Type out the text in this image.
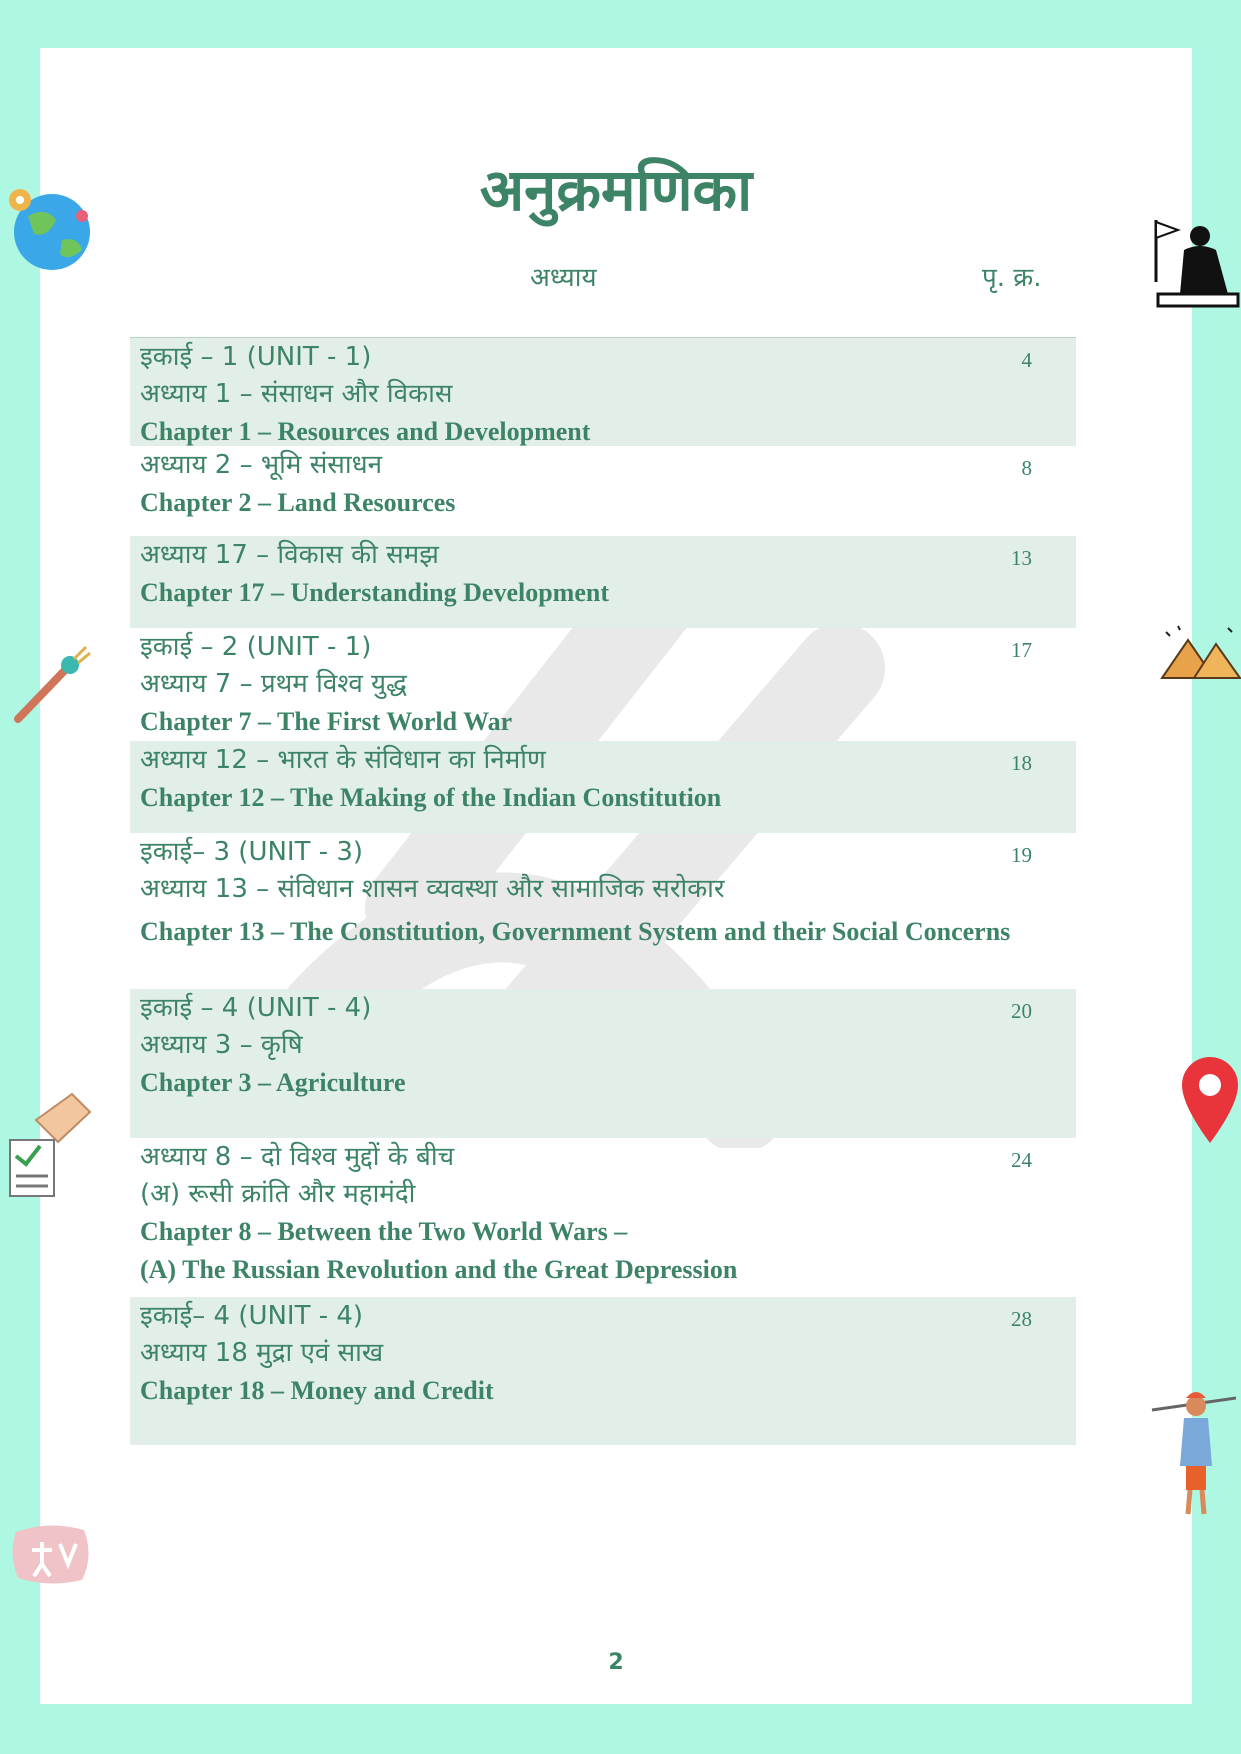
अनुक्रमणिका
अध्याय	पृ. क्र.
इकाई – 1 (UNIT - 1)
अध्याय 1 – संसाधन और विकास
Chapter 1 – Resources and Development
4
अध्याय 2 – भूमि संसाधन
Chapter 2 – Land Resources
8
अध्याय 17 – विकास की समझ
Chapter 17 – Understanding Development
13
इकाई – 2 (UNIT - 1)
अध्याय 7 – प्रथम विश्व युद्ध
Chapter 7 – The First World War
17
अध्याय 12 – भारत के संविधान का निर्माण
Chapter 12 – The Making of the Indian Constitution
18
इकाई– 3 (UNIT - 3)
अध्याय 13 – संविधान शासन व्यवस्था और सामाजिक सरोकार
Chapter 13 – The Constitution, Government System and their Social Concerns
19
इकाई – 4 (UNIT - 4)
अध्याय 3 – कृषि
Chapter 3 – Agriculture
20
अध्याय 8 – दो विश्व मुद्दों के बीच
(अ) रूसी क्रांति और महामंदी
Chapter 8 – Between the Two World Wars –
(A) The Russian Revolution and the Great Depression
24
इकाई– 4 (UNIT - 4)
अध्याय 18 मुद्रा एवं साख
Chapter 18 – Money and Credit
28
2
